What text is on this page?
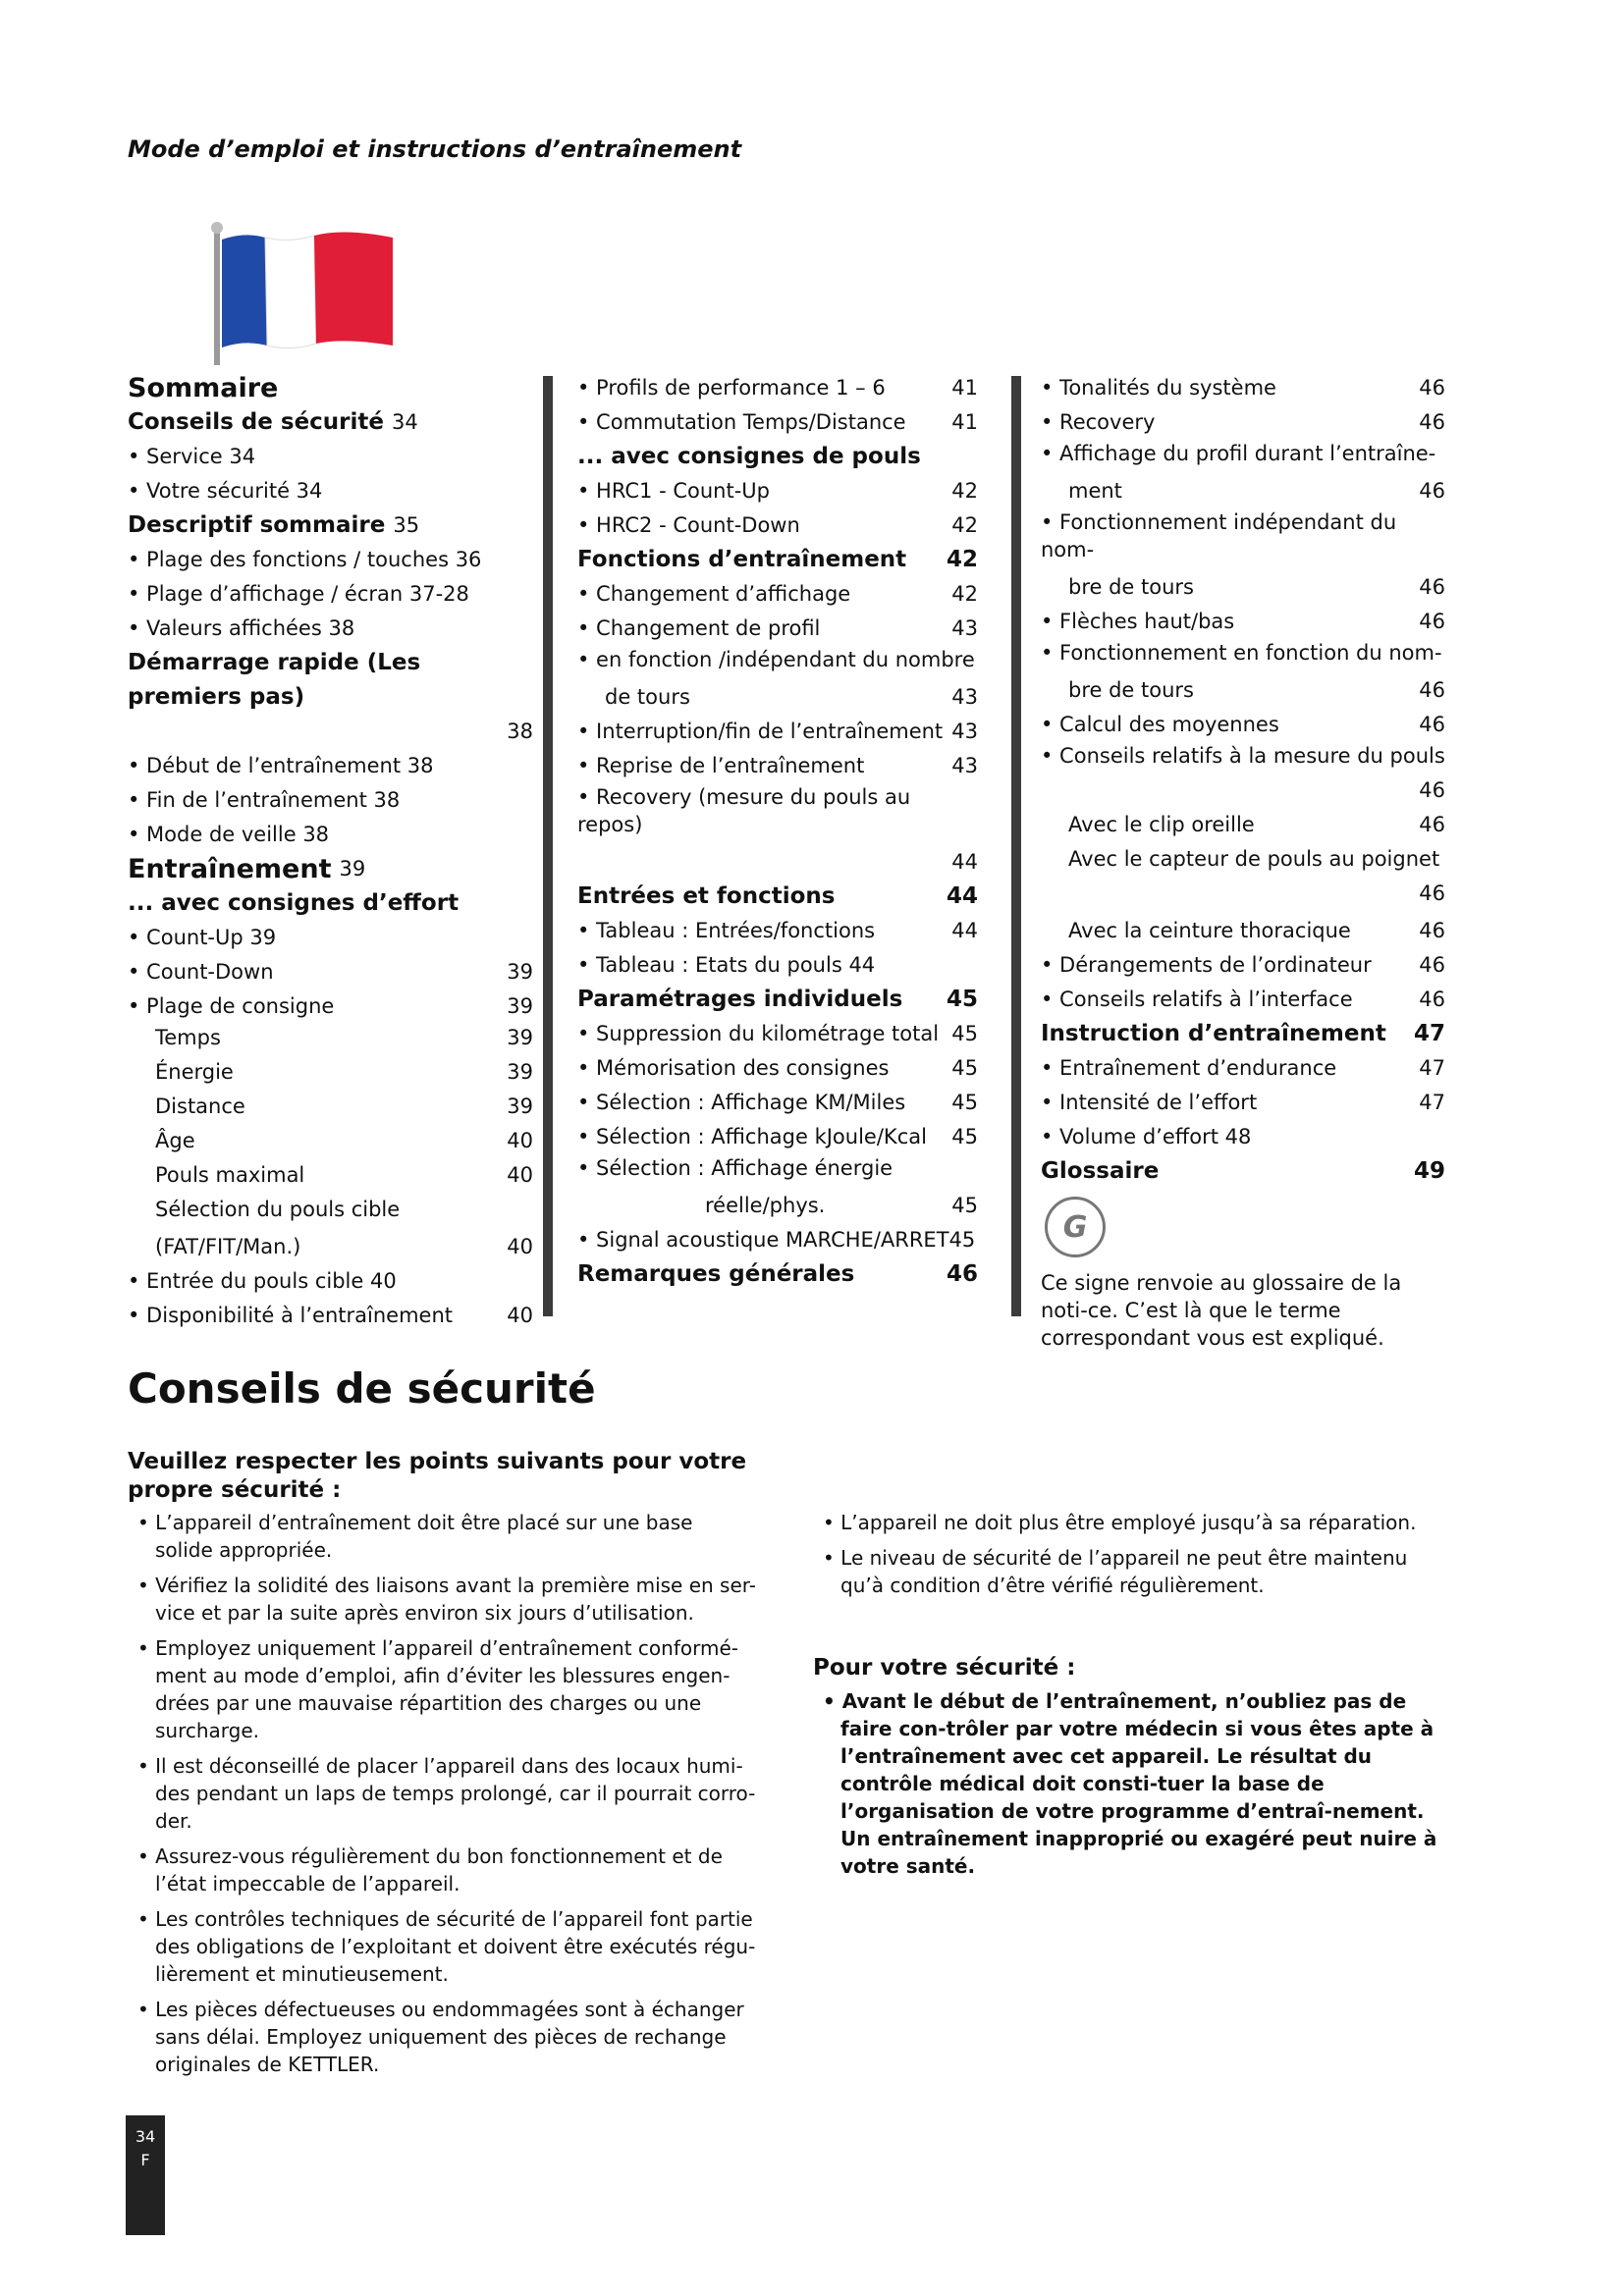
Mode d’emploi et instructions d’entraînement
Sommaire
Conseils de sécurité 34
• Service 34
• Votre sécurité 34
Descriptif sommaire 35
• Plage des fonctions / touches 36
• Plage d’affichage / écran 37-28
• Valeurs affichées 38
Démarrage rapide (Les premiers pas)
38
• Début de l’entraînement 38
• Fin de l’entraînement 38
• Mode de veille 38
Entraînement 39
... avec consignes d’effort
• Count-Up 39
• Count-Down	39
• Plage de consigne	39
Temps	39
Énergie	39
Distance	39
Âge	40
Pouls maximal	40
Sélection du pouls cible
(FAT/FIT/Man.)	40
• Entrée du pouls cible 40
• Disponibilité à l’entraînement	40
• Profils de performance 1 – 6	41
• Commutation Temps/Distance 41
... avec consignes de pouls
• HRC1 - Count-Up	42
• HRC2 - Count-Down	42
Fonctions d’entraînement 42
• Changement d’affichage	42
• Changement de profil	43
• en fonction /indépendant du nombre
de tours	43
• Interruption/fin de l’entraînement 43
• Reprise de l’entraînement	43
• Recovery (mesure du pouls au repos)
44
Entrées et fonctions	44
• Tableau : Entrées/fonctions	44
• Tableau : Etats du pouls 44
Paramétrages individuels 45
• Suppression du kilométrage total 45
• Mémorisation des consignes	45
• Sélection : Affichage KM/Miles 45
• Sélection : Affichage kJoule/Kcal 45
• Sélection : Affichage énergie
réelle/phys.	45
• Signal acoustique MARCHE/ARRET45
Remarques générales	46
• Tonalités du système	46
• Recovery	46
• Affichage du profil durant l’entraîne-
ment	46
• Fonctionnement indépendant du nom-
bre de tours	46
• Flèches haut/bas	46
• Fonctionnement en fonction du nom-
bre de tours	46
• Calcul des moyennes	46
• Conseils relatifs à la mesure du pouls
46
Avec le clip oreille	46
Avec le capteur de pouls au poignet
46
Avec la ceinture thoracique	46
• Dérangements de l’ordinateur 46
• Conseils relatifs à l’interface	46
Instruction d’entraînement 47
• Entraînement d’endurance	47
• Intensité de l’effort	47
• Volume d’effort 48
Glossaire	49
G
Ce signe renvoie au glossaire de la noti-ce. C’est là que le terme correspondant vous est expliqué.
Conseils de sécurité
Veuillez respecter les points suivants pour votre propre sécurité :
• L’appareil d’entraînement doit être placé sur une base solide appropriée.
• Vérifiez la solidité des liaisons avant la première mise en ser-vice et par la suite après environ six jours d’utilisation.
• Employez uniquement l’appareil d’entraînement conformé-ment au mode d’emploi, afin d’éviter les blessures engen-drées par une mauvaise répartition des charges ou une surcharge.
• Il est déconseillé de placer l’appareil dans des locaux humi-des pendant un laps de temps prolongé, car il pourrait corro-der.
• Assurez-vous régulièrement du bon fonctionnement et de l’état impeccable de l’appareil.
• Les contrôles techniques de sécurité de l’appareil font partie des obligations de l’exploitant et doivent être exécutés régu-lièrement et minutieusement.
• Les pièces défectueuses ou endommagées sont à échanger sans délai. Employez uniquement des pièces de rechange originales de KETTLER.
• L’appareil ne doit plus être employé jusqu’à sa réparation.
• Le niveau de sécurité de l’appareil ne peut être maintenu qu’à condition d’être vérifié régulièrement.
Pour votre sécurité :
• Avant le début de l’entraînement, n’oubliez pas de faire con-trôler par votre médecin si vous êtes apte à l’entraînement avec cet appareil. Le résultat du contrôle médical doit consti-tuer la base de l’organisation de votre programme d’entraî-nement. Un entraînement inapproprié ou exagéré peut nuire à votre santé.
34
F
